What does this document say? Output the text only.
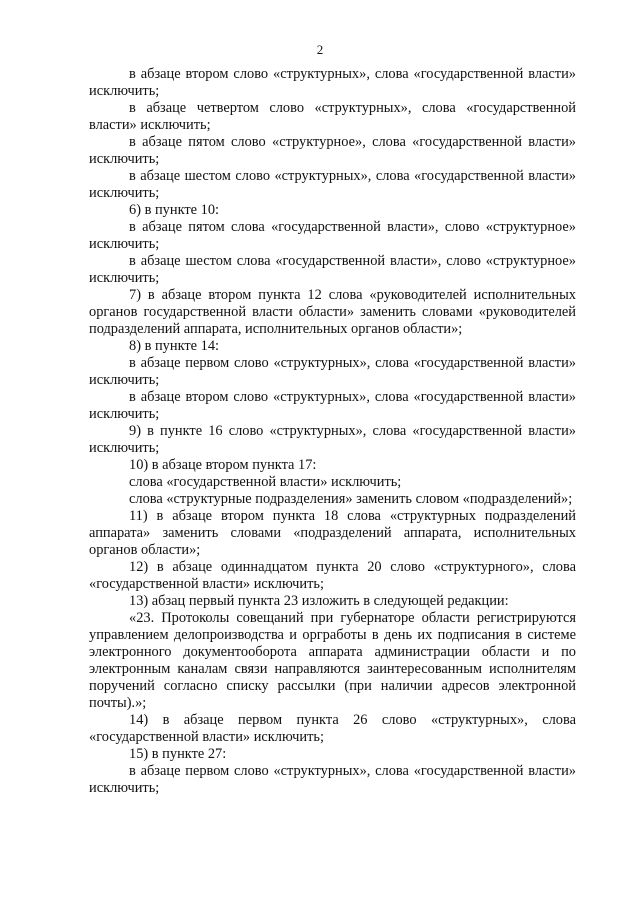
2

в абзаце втором слово «структурных», слова «государственной власти» исключить;

в абзаце четвертом слово «структурных», слова «государственной власти» исключить;

в абзаце пятом слово «структурное», слова «государственной власти» исключить;

в абзаце шестом слово «структурных», слова «государственной власти» исключить;

6) в пункте 10:

в абзаце пятом слова «государственной власти», слово «структурное» исключить;

в абзаце шестом слова «государственной власти», слово «структурное» исключить;

7) в абзаце втором пункта 12 слова «руководителей исполнительных органов государственной власти области» заменить словами «руководителей подразделений аппарата, исполнительных органов области»;

8) в пункте 14:

в абзаце первом слово «структурных», слова «государственной власти» исключить;

в абзаце втором слово «структурных», слова «государственной власти» исключить;

9) в пункте 16 слово «структурных», слова «государственной власти» исключить;

10) в абзаце втором пункта 17:

слова «государственной власти» исключить;

слова «структурные подразделения» заменить словом «подразделений»;

11) в абзаце втором пункта 18 слова «структурных подразделений аппарата» заменить словами «подразделений аппарата, исполнительных органов области»;

12) в абзаце одиннадцатом пункта 20 слово «структурного», слова «государственной власти» исключить;

13) абзац первый пункта 23 изложить в следующей редакции:

«23. Протоколы совещаний при губернаторе области регистрируются управлением делопроизводства и оргработы в день их подписания в системе электронного документооборота аппарата администрации области и по электронным каналам связи направляются заинтересованным исполнителям поручений согласно списку рассылки (при наличии адресов электронной почты).»;

14) в абзаце первом пункта 26 слово «структурных», слова «государственной власти» исключить;

15) в пункте 27:

в абзаце первом слово «структурных», слова «государственной власти» исключить;
